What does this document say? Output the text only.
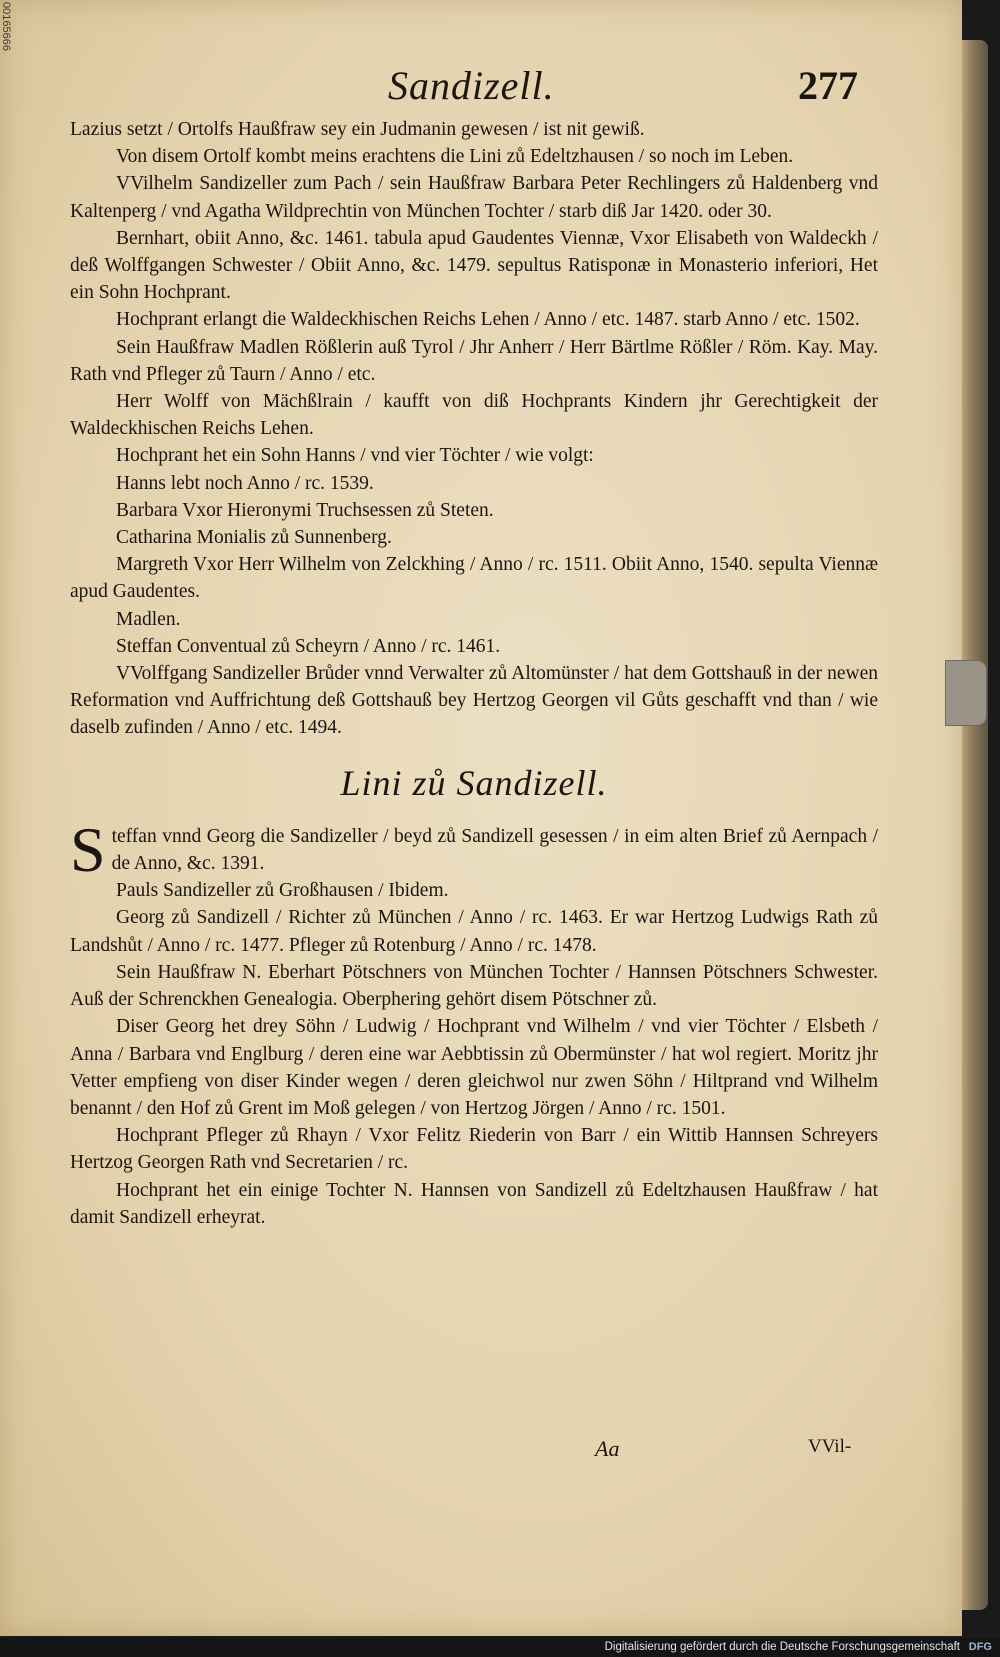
Sandizell.	277

Lazius setzt / Ortolfs Haußfraw sey ein Judmanin gewesen / ist nit gewiß.

Von disem Ortolf kombt meins erachtens die Lini zů Edeltzhausen / so noch im Leben.

VVilhelm Sandizeller zum Pach / sein Haußfraw Barbara Peter Rechlingers zů Haldenberg vnd Kaltenperg / vnd Agatha Wildprechtin von München Tochter / starb diß Jar 1420. oder 30.

Bernhart, obiit Anno, &c. 1461. tabula apud Gaudentes Viennæ, Vxor Elisabeth von Waldeckh / deß Wolffgangen Schwester / Obiit Anno, &c. 1479. sepultus Ratisponæ in Monasterio inferiori, Het ein Sohn Hochprant.

Hochprant erlangt die Waldeckhischen Reichs Lehen / Anno / etc. 1487. starb Anno / etc. 1502.

Sein Haußfraw Madlen Rößlerin auß Tyrol / Jhr Anherr / Herr Bärtlme Rößler / Röm. Kay. May. Rath vnd Pfleger zů Taurn / Anno / etc.

Herr Wolff von Mächßlrain / kaufft von diß Hochprants Kindern jhr Gerechtigkeit der Waldeckhischen Reichs Lehen.

Hochprant het ein Sohn Hanns / vnd vier Töchter / wie volgt:

Hanns lebt noch Anno / rc. 1539.

Barbara Vxor Hieronymi Truchsessen zů Steten.

Catharina Monialis zů Sunnenberg.

Margreth Vxor Herr Wilhelm von Zelckhing / Anno / rc. 1511. Obiit Anno, 1540. sepulta Viennæ apud Gaudentes.

Madlen.

Steffan Conventual zů Scheyrn / Anno / rc. 1461.

VVolffgang Sandizeller Brůder vnnd Verwalter zů Altomünster / hat dem Gottshauß in der newen Reformation vnd Auffrichtung deß Gottshauß bey Hertzog Georgen vil Gůts geschafft vnd than / wie daselb zufinden / Anno / etc. 1494.

Lini zů Sandizell.

Steffan vnnd Georg die Sandizeller / beyd zů Sandizell gesessen / in eim alten Brief zů Aernpach / de Anno, &c. 1391.

Pauls Sandizeller zů Großhausen / Ibidem.

Georg zů Sandizell / Richter zů München / Anno / rc. 1463. Er war Hertzog Ludwigs Rath zů Landshůt / Anno / rc. 1477. Pfleger zů Rotenburg / Anno / rc. 1478.

Sein Haußfraw N. Eberhart Pötschners von München Tochter / Hannsen Pötschners Schwester. Auß der Schrenckhen Genealogia. Oberphering gehört disem Pötschner zů.

Diser Georg het drey Söhn / Ludwig / Hochprant vnd Wilhelm / vnd vier Töchter / Elsbeth / Anna / Barbara vnd Englburg / deren eine war Aebbtissin zů Obermünster / hat wol regiert. Moritz jhr Vetter empfieng von diser Kinder wegen / deren gleichwol nur zwen Söhn / Hiltprand vnd Wilhelm benannt / den Hof zů Grent im Moß gelegen / von Hertzog Jörgen / Anno / rc. 1501.

Hochprant Pfleger zů Rhayn / Vxor Felitz Riederin von Barr / ein Wittib Hannsen Schreyers Hertzog Georgen Rath vnd Secretarien / rc.

Hochprant het ein einige Tochter N. Hannsen von Sandizell zů Edeltzhausen Haußfraw / hat damit Sandizell erheyrat.

Aa	VVil-
00165666
Digitalisierung gefördert durch die Deutsche Forschungsgemeinschaft DFG
